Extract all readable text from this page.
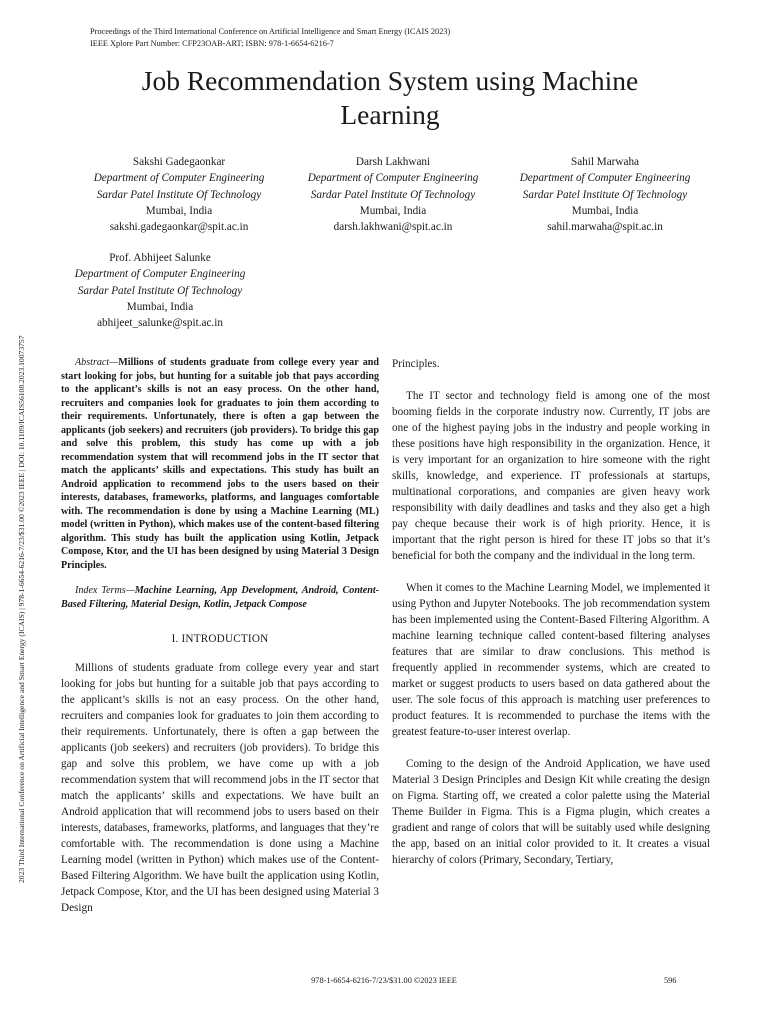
Proceedings of the Third International Conference on Artificial Intelligence and Smart Energy (ICAIS 2023)
IEEE Xplore Part Number: CFP23OAB-ART; ISBN: 978-1-6654-6216-7
Job Recommendation System using Machine
Learning
Sakshi Gadegaonkar
Department of Computer Engineering
Sardar Patel Institute Of Technology
Mumbai, India
sakshi.gadegaonkar@spit.ac.in
Darsh Lakhwani
Department of Computer Engineering
Sardar Patel Institute Of Technology
Mumbai, India
darsh.lakhwani@spit.ac.in
Sahil Marwaha
Department of Computer Engineering
Sardar Patel Institute Of Technology
Mumbai, India
sahil.marwaha@spit.ac.in
Prof. Abhijeet Salunke
Department of Computer Engineering
Sardar Patel Institute Of Technology
Mumbai, India
abhijeet_salunke@spit.ac.in
2023 Third International Conference on Artificial Intelligence and Smart Energy (ICAIS) | 978-1-6654-6216-7/23/$31.00 ©2023 IEEE | DOI: 10.1109/ICAIS56108.2023.10073757	Abstract—Millions of students graduate from college every year and start looking for jobs, but hunting for a suitable job that pays according to the applicant’s skills is not an easy process. On the other hand, recruiters and companies look for graduates to join them according to their requirements. Unfortunately, there is often a gap between the applicants (job seekers) and recruiters (job providers). To bridge this gap and solve this problem, this study has come up with a job recommendation system that will recommend jobs in the IT sector that match the applicants’ skills and expectations. This study has built an Android application to recommend jobs to the users based on their interests, databases, frameworks, platforms, and languages comfortable with. The recommendation is done by using a Machine Learning (ML) model (written in Python), which makes use of the content-based filtering algorithm. This study has built the application using Kotlin, Jetpack Compose, Ktor, and the UI has been designed by using Material 3 Design Principles.

Index Terms—Machine Learning, App Development, Android, Content-Based Filtering, Material Design, Kotlin, Jetpack Compose

I. INTRODUCTION

Millions of students graduate from college every year and start looking for jobs but hunting for a suitable job that pays according to the applicant’s skills is not an easy process. On the other hand, recruiters and companies look for graduates to join them according to their requirements. Unfortunately, there is often a gap between the applicants (job seekers) and recruiters (job providers). To bridge this gap and solve this problem, we have come up with a job recommendation system that will recommend jobs in the IT sector that match the applicants’ skills and expectations. We have built an Android application that will recommend jobs to users based on their interests, databases, frameworks, platforms, and languages that they’re comfortable with. The recommendation is done using a Machine Learning model (written in Python) which makes use of the Content-Based Filtering Algorithm. We have built the application using Kotlin, Jetpack Compose, Ktor, and the UI has been designed using Material 3 Design

Principles.

The IT sector and technology field is among one of the most booming fields in the corporate industry now. Currently, IT jobs are one of the highest paying jobs in the industry and people working in these positions have high responsibility in the organization. Hence, it is very important for an organization to hire someone with the right skills, knowledge, and experience. IT professionals at startups, multinational corporations, and companies are given heavy work responsibility with daily deadlines and tasks and they also get a high pay cheque because their work is of high priority. Hence, it is important that the right person is hired for these IT jobs so that it’s beneficial for both the company and the individual in the long term.

When it comes to the Machine Learning Model, we implemented it using Python and Jupyter Notebooks. The job recommendation system has been implemented using the Content-Based Filtering Algorithm. A machine learning technique called content-based filtering analyses features that are similar to draw conclusions. This method is frequently applied in recommender systems, which are created to market or suggest products to users based on data gathered about the user. The sole focus of this approach is matching user preferences to product features. It is recommended to purchase the items with the greatest feature-to-user interest overlap.

Coming to the design of the Android Application, we have used Material 3 Design Principles and Design Kit while creating the design on Figma. Starting off, we created a color palette using the Material Theme Builder in Figma. This is a Figma plugin, which creates a gradient and range of colors that will be suitably used while designing the app, based on an initial color provided to it. It creates a visual hierarchy of colors (Primary, Secondary, Tertiary,

978-1-6654-6216-7/23/$31.00 ©2023 IEEE	596
